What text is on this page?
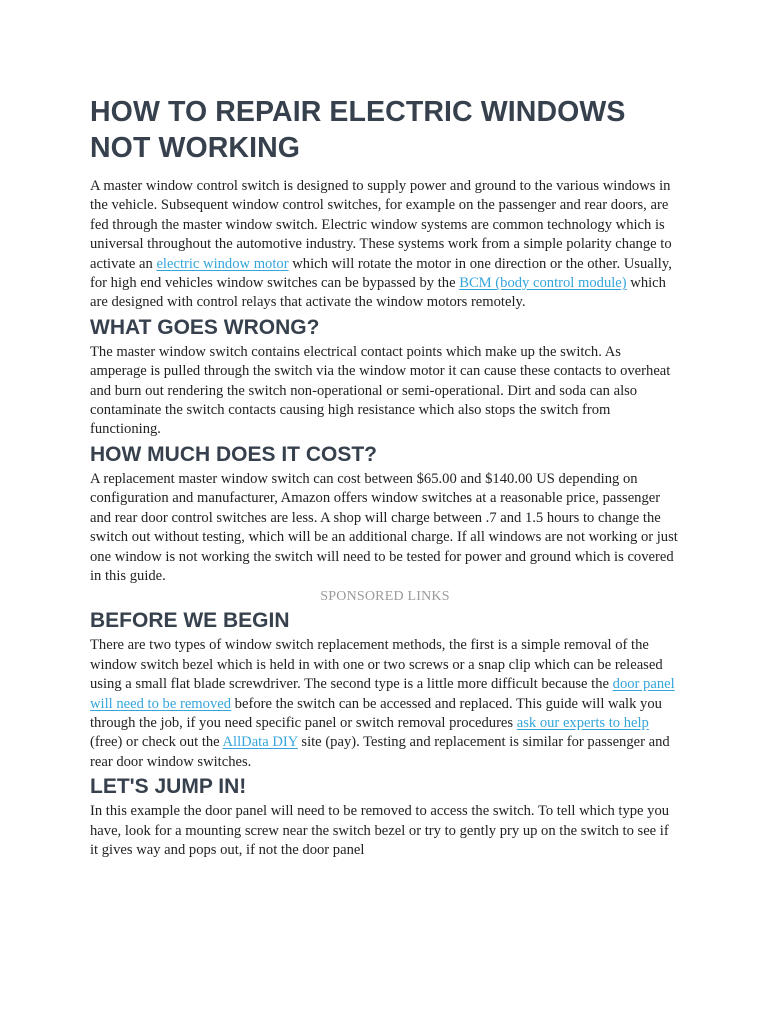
HOW TO REPAIR ELECTRIC WINDOWS NOT WORKING

A master window control switch is designed to supply power and ground to the various windows in the vehicle. Subsequent window control switches, for example on the passenger and rear doors, are fed through the master window switch. Electric window systems are common technology which is universal throughout the automotive industry. These systems work from a simple polarity change to activate an electric window motor which will rotate the motor in one direction or the other. Usually, for high end vehicles window switches can be bypassed by the BCM (body control module) which are designed with control relays that activate the window motors remotely.

WHAT GOES WRONG?

The master window switch contains electrical contact points which make up the switch. As amperage is pulled through the switch via the window motor it can cause these contacts to overheat and burn out rendering the switch non-operational or semi-operational. Dirt and soda can also contaminate the switch contacts causing high resistance which also stops the switch from functioning.

HOW MUCH DOES IT COST?

A replacement master window switch can cost between $65.00 and $140.00 US depending on configuration and manufacturer, Amazon offers window switches at a reasonable price, passenger and rear door control switches are less. A shop will charge between .7 and 1.5 hours to change the switch out without testing, which will be an additional charge. If all windows are not working or just one window is not working the switch will need to be tested for power and ground which is covered in this guide.

SPONSORED LINKS
BEFORE WE BEGIN

There are two types of window switch replacement methods, the first is a simple removal of the window switch bezel which is held in with one or two screws or a snap clip which can be released using a small flat blade screwdriver. The second type is a little more difficult because the door panel will need to be removed before the switch can be accessed and replaced. This guide will walk you through the job, if you need specific panel or switch removal procedures ask our experts to help (free) or check out the AllData DIY site (pay). Testing and replacement is similar for passenger and rear door window switches.

LET'S JUMP IN!

In this example the door panel will need to be removed to access the switch. To tell which type you have, look for a mounting screw near the switch bezel or try to gently pry up on the switch to see if it gives way and pops out, if not the door panel
